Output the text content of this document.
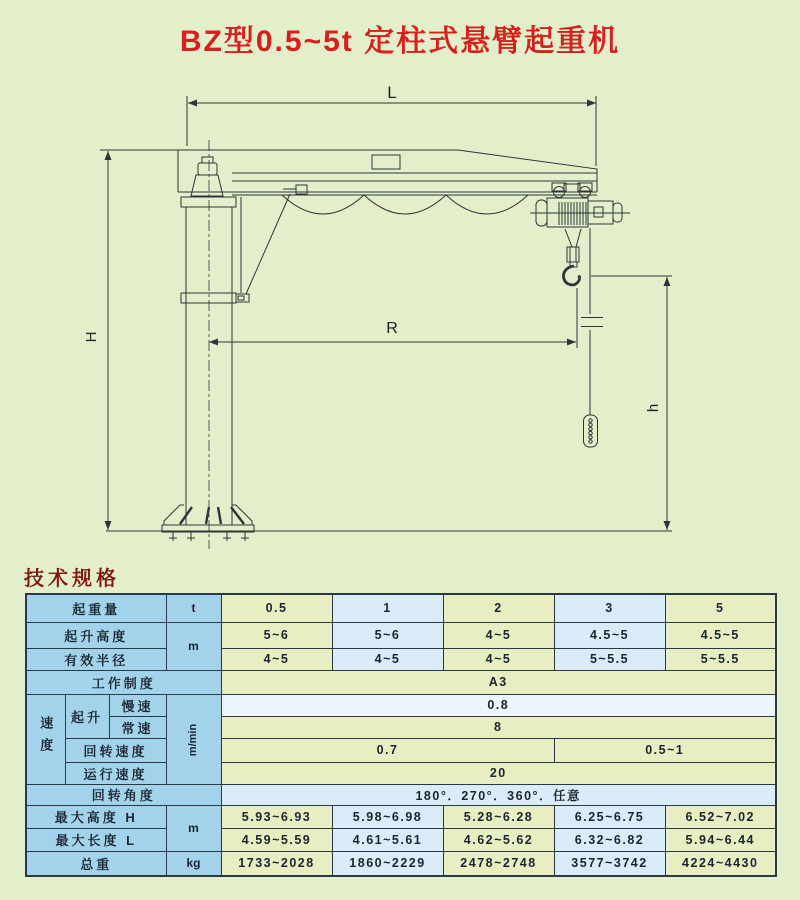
BZ型0.5~5t 定柱式悬臂起重机
L
H	R
h
技术规格
起重量			t	0.5	1	2	3	5
起升高度			m	5~6	5~6	4~5	4.5~5	4.5~5
有效半径				4~5	4~5	4~5	5~5.5	5~5.5
工作制度				A3				
速度	起升	慢速	m/min	0.8				
		常速		8				
	回转速度			0.7			0.5~1	
	运行速度			20				
回转角度				180°．270°．360°．任意				
最大高度 H			m	5.93~6.93	5.98~6.98	5.28~6.28	6.25~6.75	6.52~7.02
最大长度 L				4.59~5.59	4.61~5.61	4.62~5.62	6.32~6.82	5.94~6.44
总重			kg	1733~2028	1860~2229	2478~2748	3577~3742	4224~4430
